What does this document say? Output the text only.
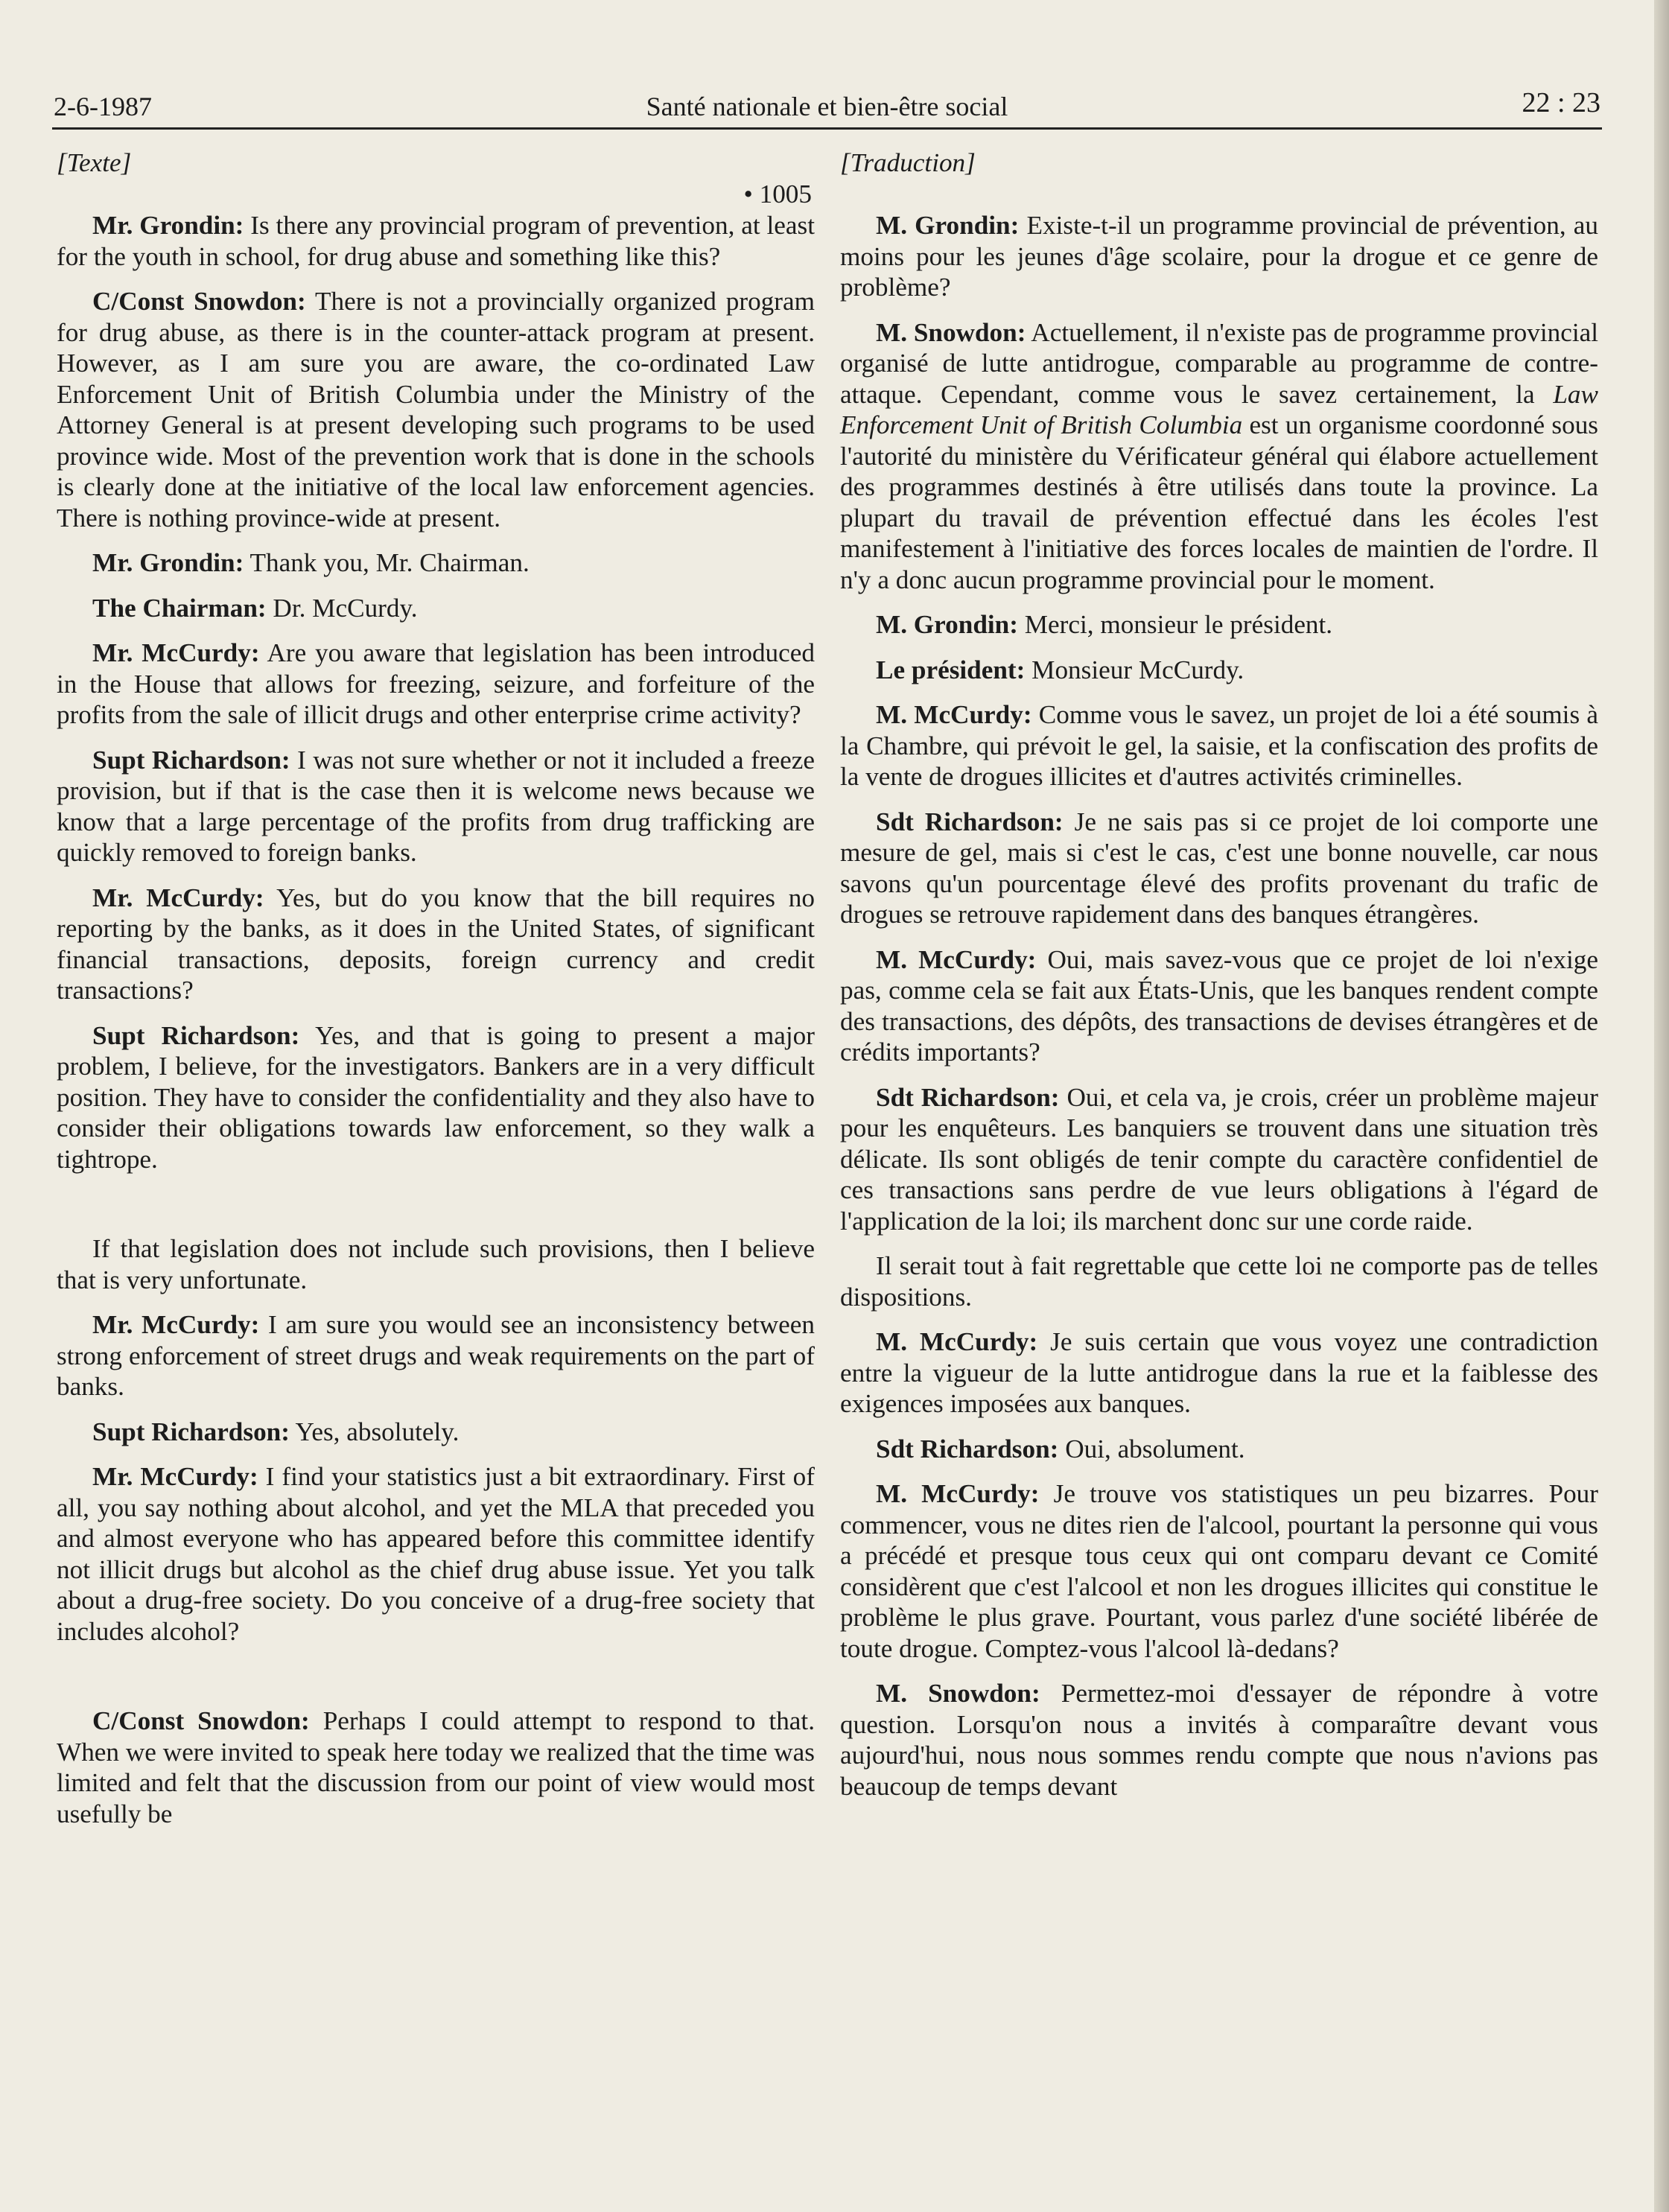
2-6-1987	Santé nationale et bien-être social	22 : 23

[Texte]

• 1005

Mr. Grondin: Is there any provincial program of prevention, at least for the youth in school, for drug abuse and something like this?

C/Const Snowdon: There is not a provincially organized program for drug abuse, as there is in the counter-attack program at present. However, as I am sure you are aware, the co-ordinated Law Enforcement Unit of British Columbia under the Ministry of the Attorney General is at present developing such programs to be used province wide. Most of the prevention work that is done in the schools is clearly done at the initiative of the local law enforcement agencies. There is nothing province-wide at present.

Mr. Grondin: Thank you, Mr. Chairman.

The Chairman: Dr. McCurdy.

Mr. McCurdy: Are you aware that legislation has been introduced in the House that allows for freezing, seizure, and forfeiture of the profits from the sale of illicit drugs and other enterprise crime activity?

Supt Richardson: I was not sure whether or not it included a freeze provision, but if that is the case then it is welcome news because we know that a large percentage of the profits from drug trafficking are quickly removed to foreign banks.

Mr. McCurdy: Yes, but do you know that the bill requires no reporting by the banks, as it does in the United States, of significant financial transactions, deposits, foreign currency and credit transactions?

Supt Richardson: Yes, and that is going to present a major problem, I believe, for the investigators. Bankers are in a very difficult position. They have to consider the confidentiality and they also have to consider their obligations towards law enforcement, so they walk a tightrope.

If that legislation does not include such provisions, then I believe that is very unfortunate.

Mr. McCurdy: I am sure you would see an inconsistency between strong enforcement of street drugs and weak requirements on the part of banks.

Supt Richardson: Yes, absolutely.

Mr. McCurdy: I find your statistics just a bit extraordinary. First of all, you say nothing about alcohol, and yet the MLA that preceded you and almost everyone who has appeared before this committee identify not illicit drugs but alcohol as the chief drug abuse issue. Yet you talk about a drug-free society. Do you conceive of a drug-free society that includes alcohol?

C/Const Snowdon: Perhaps I could attempt to respond to that. When we were invited to speak here today we realized that the time was limited and felt that the discussion from our point of view would most usefully be

[Traduction]

M. Grondin: Existe-t-il un programme provincial de prévention, au moins pour les jeunes d'âge scolaire, pour la drogue et ce genre de problème?

M. Snowdon: Actuellement, il n'existe pas de programme provincial organisé de lutte antidrogue, comparable au programme de contre-attaque. Cependant, comme vous le savez certainement, la Law Enforcement Unit of British Columbia est un organisme coordonné sous l'autorité du ministère du Vérificateur général qui élabore actuellement des programmes destinés à être utilisés dans toute la province. La plupart du travail de prévention effectué dans les écoles l'est manifestement à l'initiative des forces locales de maintien de l'ordre. Il n'y a donc aucun programme provincial pour le moment.

M. Grondin: Merci, monsieur le président.

Le président: Monsieur McCurdy.

M. McCurdy: Comme vous le savez, un projet de loi a été soumis à la Chambre, qui prévoit le gel, la saisie, et la confiscation des profits de la vente de drogues illicites et d'autres activités criminelles.

Sdt Richardson: Je ne sais pas si ce projet de loi comporte une mesure de gel, mais si c'est le cas, c'est une bonne nouvelle, car nous savons qu'un pourcentage élevé des profits provenant du trafic de drogues se retrouve rapidement dans des banques étrangères.

M. McCurdy: Oui, mais savez-vous que ce projet de loi n'exige pas, comme cela se fait aux États-Unis, que les banques rendent compte des transactions, des dépôts, des transactions de devises étrangères et de crédits importants?

Sdt Richardson: Oui, et cela va, je crois, créer un problème majeur pour les enquêteurs. Les banquiers se trouvent dans une situation très délicate. Ils sont obligés de tenir compte du caractère confidentiel de ces transactions sans perdre de vue leurs obligations à l'égard de l'application de la loi; ils marchent donc sur une corde raide.

Il serait tout à fait regrettable que cette loi ne comporte pas de telles dispositions.

M. McCurdy: Je suis certain que vous voyez une contradiction entre la vigueur de la lutte antidrogue dans la rue et la faiblesse des exigences imposées aux banques.

Sdt Richardson: Oui, absolument.

M. McCurdy: Je trouve vos statistiques un peu bizarres. Pour commencer, vous ne dites rien de l'alcool, pourtant la personne qui vous a précédé et presque tous ceux qui ont comparu devant ce Comité considèrent que c'est l'alcool et non les drogues illicites qui constitue le problème le plus grave. Pourtant, vous parlez d'une société libérée de toute drogue. Comptez-vous l'alcool là-dedans?

M. Snowdon: Permettez-moi d'essayer de répondre à votre question. Lorsqu'on nous a invités à comparaître devant vous aujourd'hui, nous nous sommes rendu compte que nous n'avions pas beaucoup de temps devant
